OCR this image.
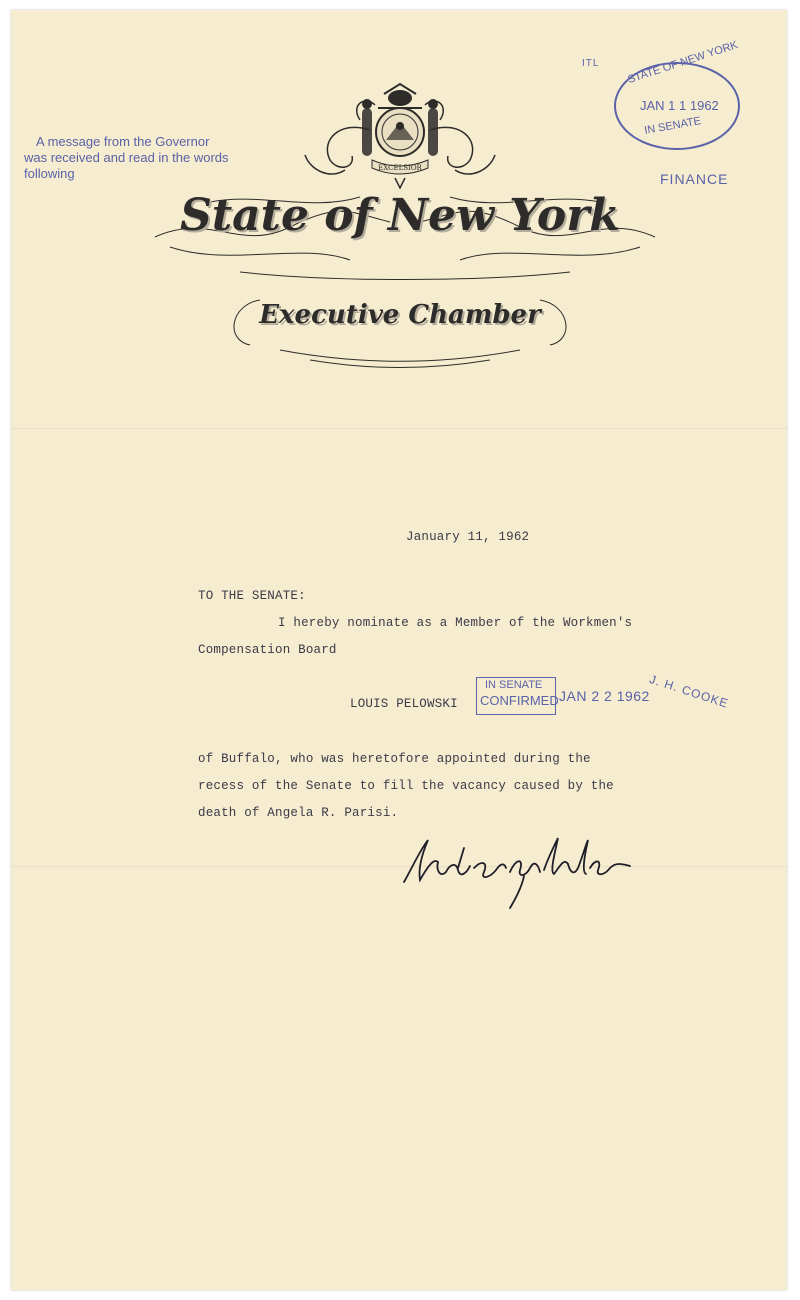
A message from the Governor
was received and read in the words
following
ITL STATE OF NEW YORK
JAN 1 1 1962
IN SENATE
FINANCE
EXCELSIOR
State of New York
Executive Chamber
January 11, 1962
TO THE SENATE:
I hereby nominate as a Member of the Workmen's
Compensation Board
LOUIS PELOWSKI
IN SENATE
CONFIRMED JAN 2 2 1962
J. H. COOKE
of Buffalo, who was heretofore appointed during the
recess of the Senate to fill the vacancy caused by the
death of Angela R. Parisi.
